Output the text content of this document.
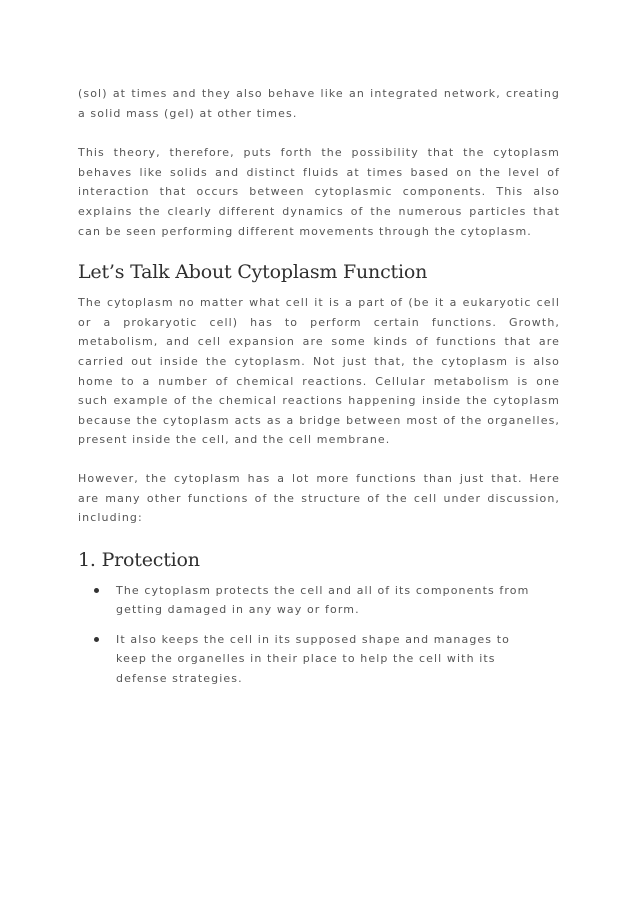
(sol) at times and they also behave like an integrated network, creating a solid mass (gel) at other times.

This theory, therefore, puts forth the possibility that the cytoplasm behaves like solids and distinct fluids at times based on the level of interaction that occurs between cytoplasmic components. This also explains the clearly different dynamics of the numerous particles that can be seen performing different movements through the cytoplasm.

Let’s Talk About Cytoplasm Function

The cytoplasm no matter what cell it is a part of (be it a eukaryotic cell or a prokaryotic cell) has to perform certain functions. Growth, metabolism, and cell expansion are some kinds of functions that are carried out inside the cytoplasm. Not just that, the cytoplasm is also home to a number of chemical reactions. Cellular metabolism is one such example of the chemical reactions happening inside the cytoplasm because the cytoplasm acts as a bridge between most of the organelles, present inside the cell, and the cell membrane.

However, the cytoplasm has a lot more functions than just that. Here are many other functions of the structure of the cell under discussion, including:

1. Protection

The cytoplasm protects the cell and all of its components from getting damaged in any way or form.

It also keeps the cell in its supposed shape and manages to keep the organelles in their place to help the cell with its defense strategies.
